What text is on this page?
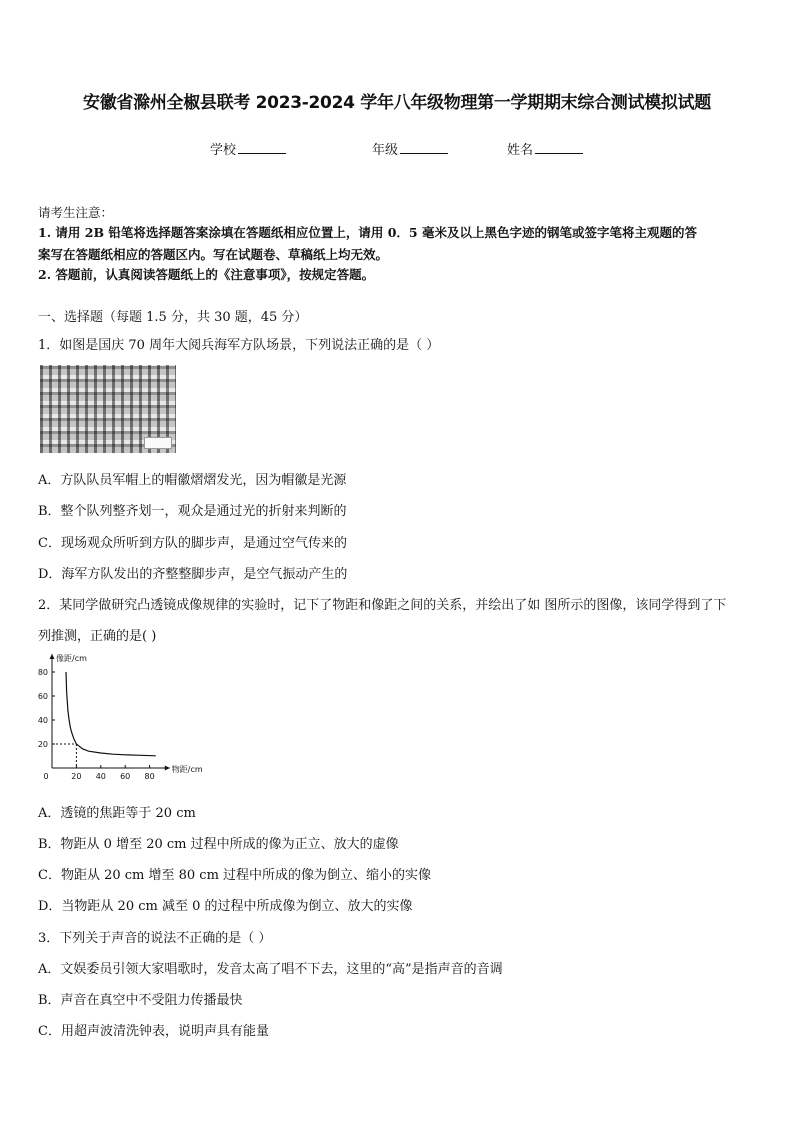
安徽省滁州全椒县联考 2023-2024 学年八年级物理第一学期期末综合测试模拟试题
学校	年级	姓名
请考生注意：
1. 请用 2B 铅笔将选择题答案涂填在答题纸相应位置上，请用 0．5 毫米及以上黑色字迹的钢笔或签字笔将主观题的答
案写在答题纸相应的答题区内。写在试题卷、草稿纸上均无效。
2. 答题前，认真阅读答题纸上的《注意事项》，按规定答题。
一、选择题（每题 1.5 分，共 30 题，45 分）
1．如图是国庆 70 周年大阅兵海军方队场景，下列说法正确的是（ ）
A．方队队员军帽上的帽徽熠熠发光，因为帽徽是光源
B．整个队列整齐划一，观众是通过光的折射来判断的
C．现场观众所听到方队的脚步声，是通过空气传来的
D．海军方队发出的齐整整脚步声，是空气振动产生的
2．某同学做研究凸透镜成像规律的实验时，记下了物距和像距之间的关系，并绘出了如 图所示的图像，该同学得到了下
列推测，正确的是( )
20 40 60 80
20
40
60
80
0
像距/cm
物距/cm
A．透镜的焦距等于 20 cm
B．物距从 0 增至 20 cm 过程中所成的像为正立、放大的虚像
C．物距从 20 cm 增至 80 cm 过程中所成的像为倒立、缩小的实像
D．当物距从 20 cm 减至 0 的过程中所成像为倒立、放大的实像
3．下列关于声音的说法不正确的是（ ）
A．文娱委员引领大家唱歌时，发音太高了唱不下去，这里的“高”是指声音的音调
B．声音在真空中不受阻力传播最快
C．用超声波清洗钟表，说明声具有能量
